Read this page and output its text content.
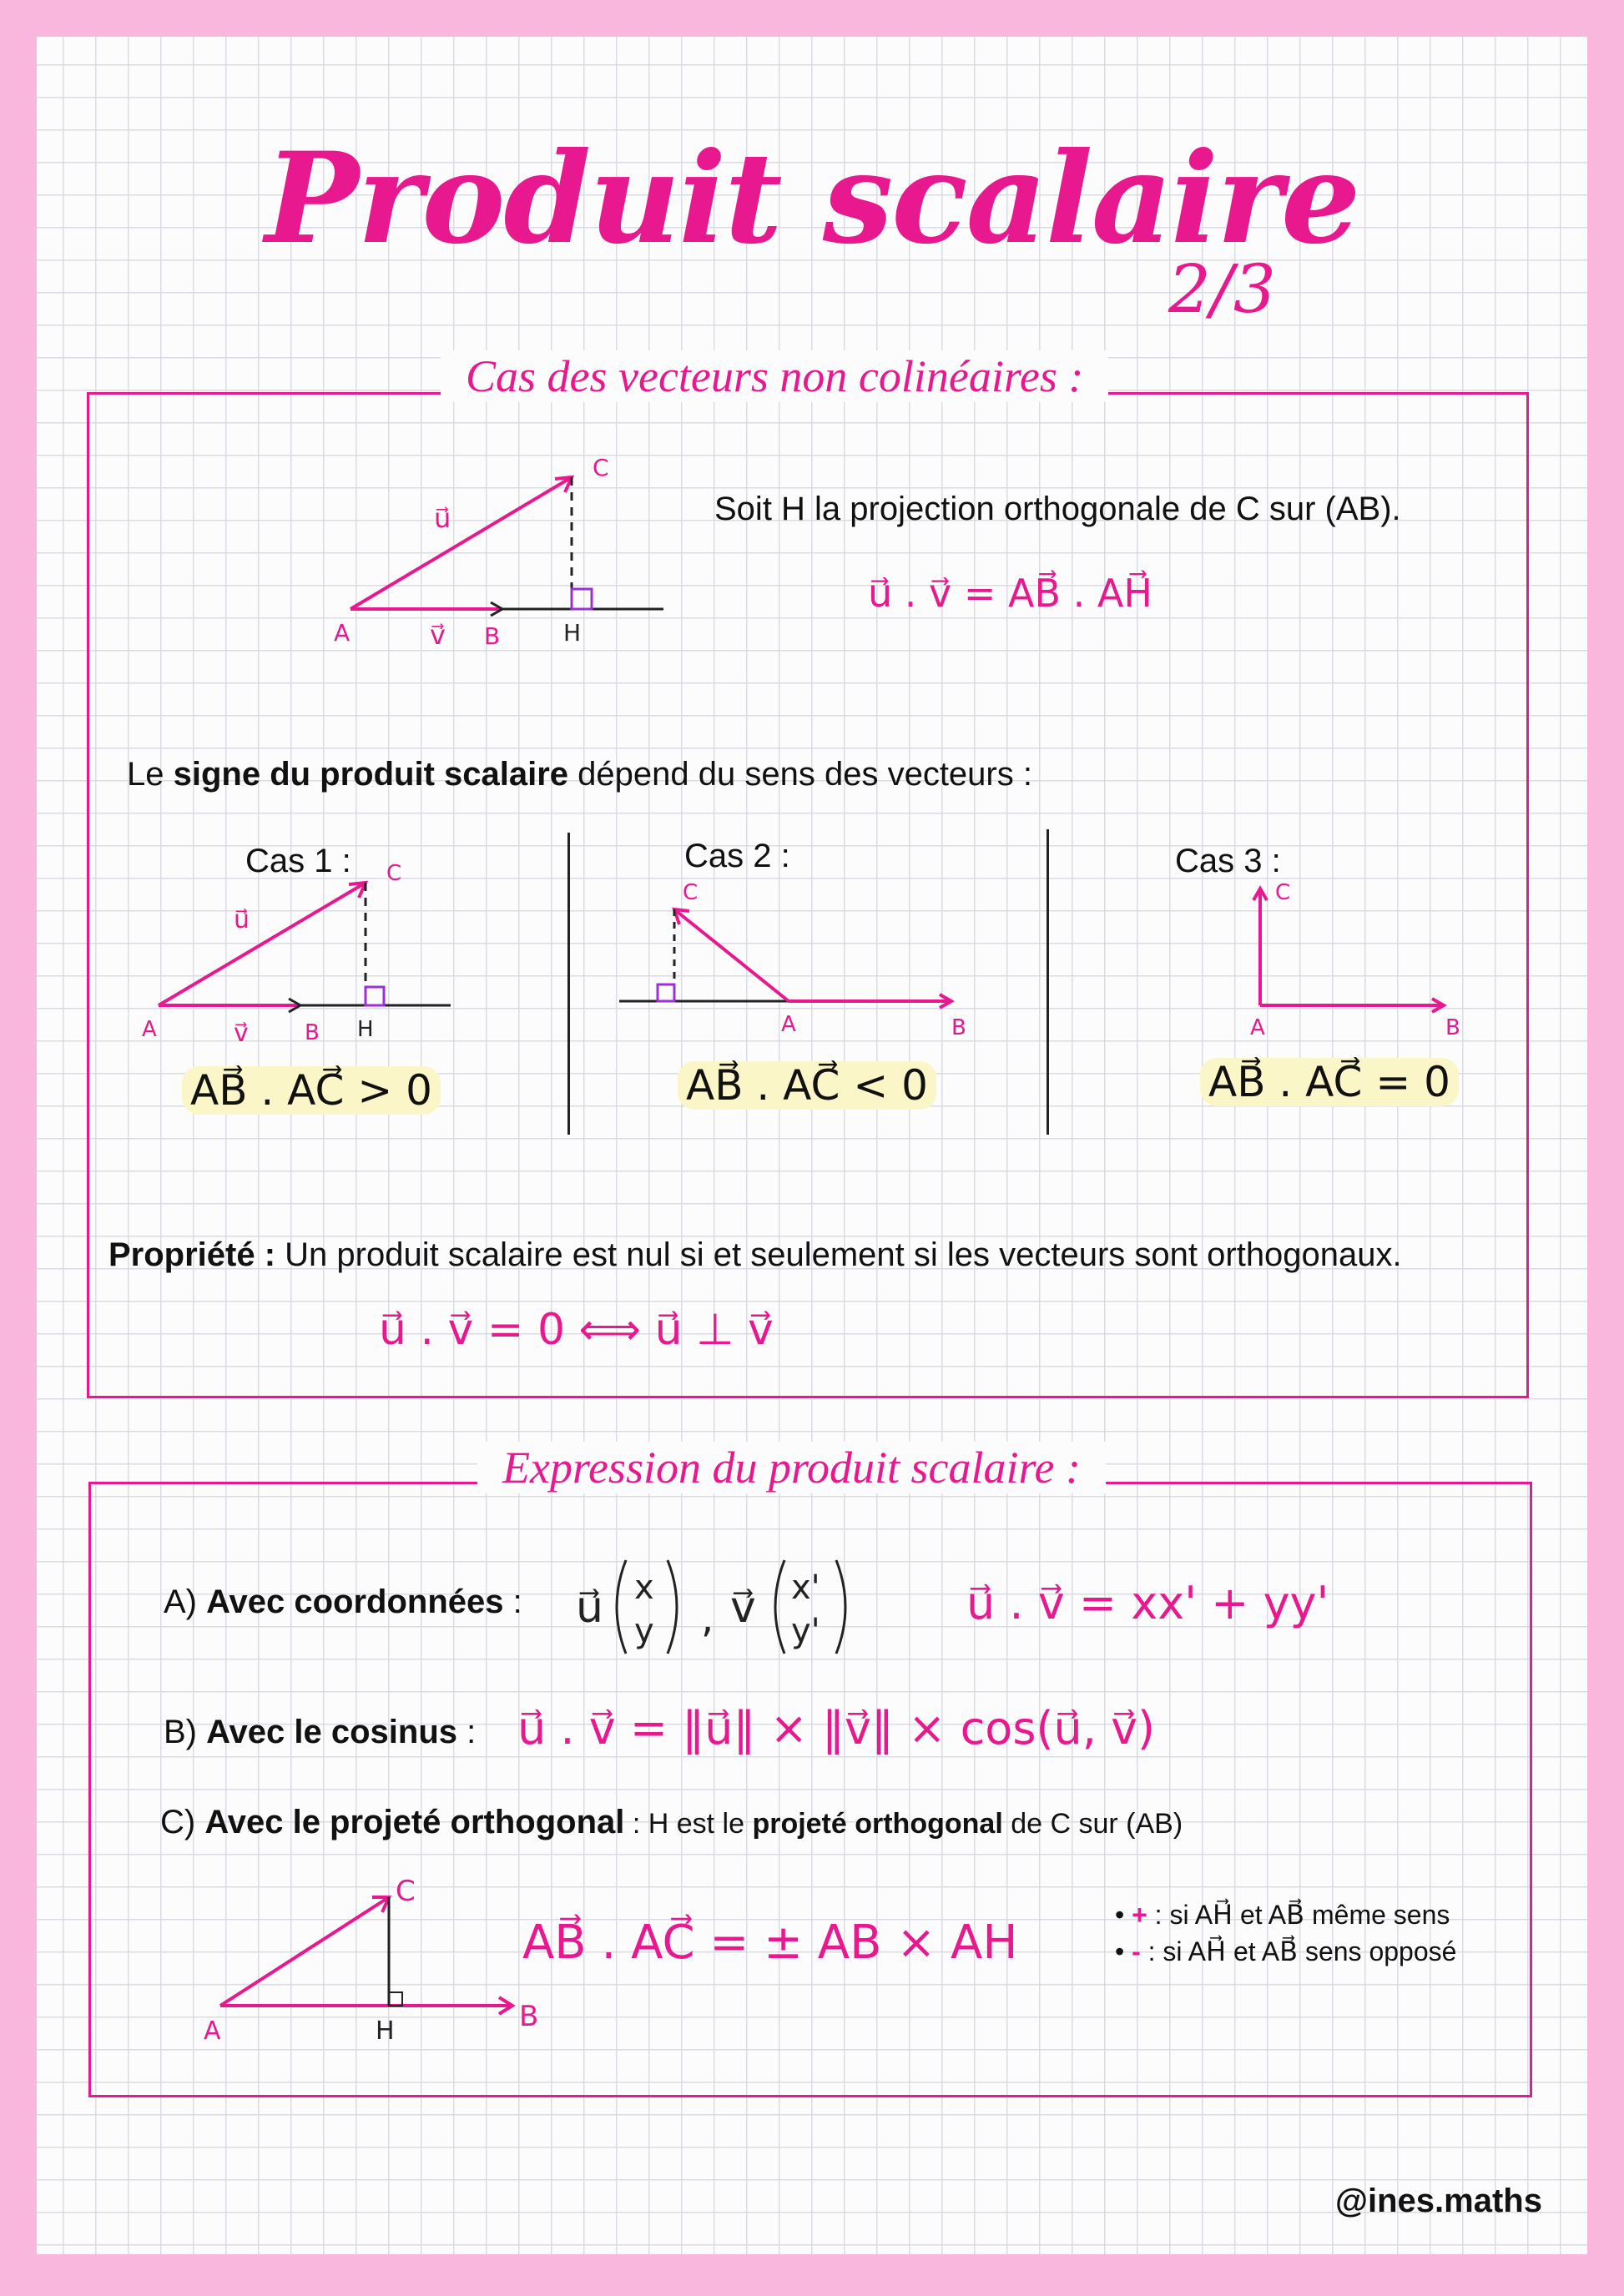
Produit scalaire
2/3
Cas des vecteurs non colinéaires :
A	B
C
H
u⃗
v⃗
Soit H la projection orthogonale de C sur (AB).
u⃗ . v⃗ = AB⃗ . AH⃗
Le signe du produit scalaire dépend du sens des vecteurs :
Cas 1 :
A	B
C
H
u⃗
v⃗
AB⃗ . AC⃗ > 0
Cas 2 :
A	B
C
AB⃗ . AC⃗ < 0
Cas 3 :
A	B
C
AB⃗ . AC⃗ = 0
Propriété : Un produit scalaire est nul si et seulement si les vecteurs sont orthogonaux.
u⃗ . v⃗ = 0 ⟺ u⃗ ⊥ v⃗
Expression du produit scalaire :
A) Avec coordonnées : u⃗ x
y , v⃗ x'
y'
u⃗ . v⃗ = xx' + yy'
B) Avec le cosinus : u⃗ . v⃗ = ‖u⃗‖ × ‖v⃗‖ × cos(u⃗, v⃗)
C) Avec le projeté orthogonal : H est le projeté orthogonal de C sur (AB)
A	H	B
C
AB⃗ . AC⃗ = ± AB × AH
• + : si AH⃗ et AB⃗ même sens
• - : si AH⃗ et AB⃗ sens opposé
@ines.maths
